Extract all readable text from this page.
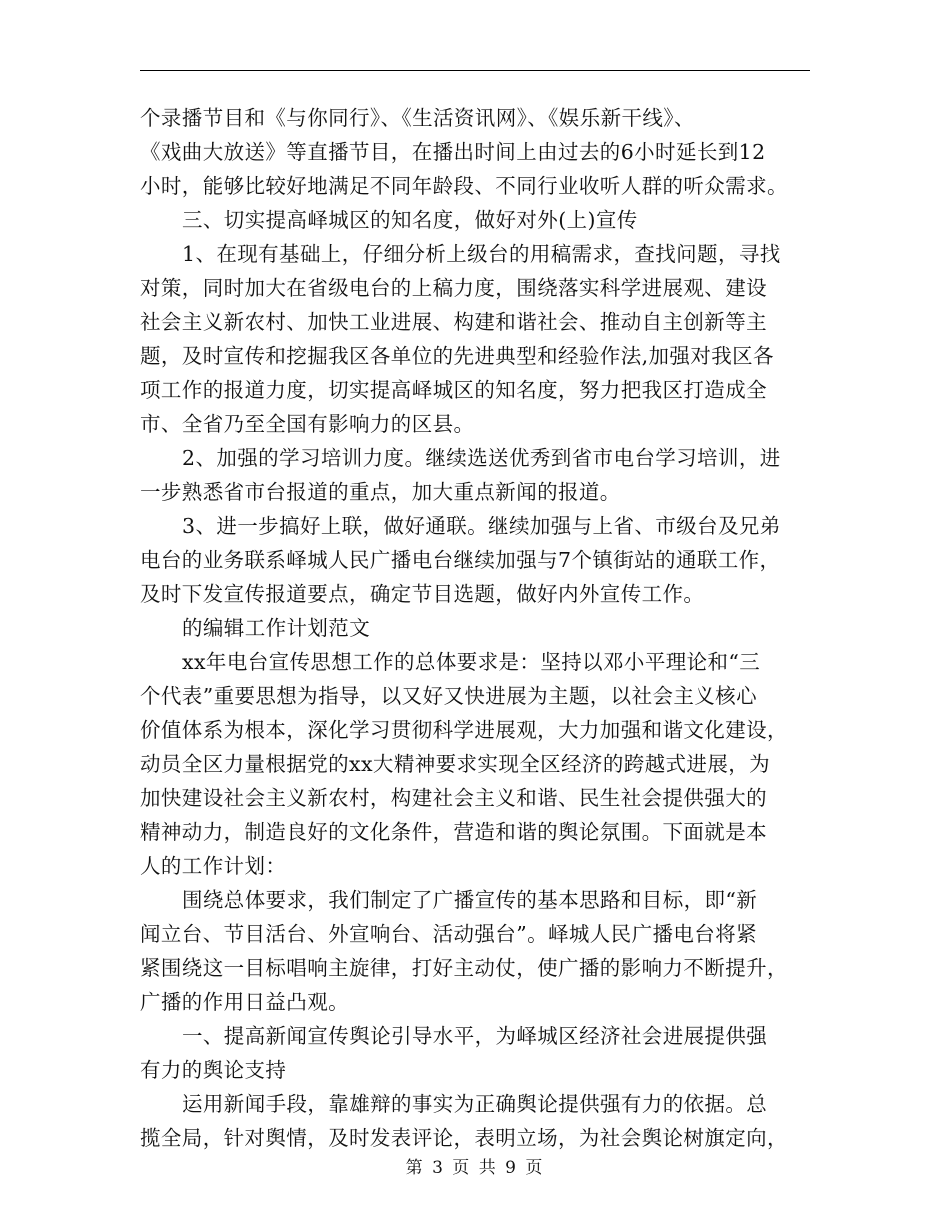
个录播节目和《与你同行》、《生活资讯网》、《娱乐新干线》、
《戏曲大放送》等直播节目，在播出时间上由过去的6小时延长到12
小时，能够比较好地满足不同年龄段、不同行业收听人群的听众需求。
三、切实提高峄城区的知名度，做好对外(上)宣传
1、在现有基础上，仔细分析上级台的用稿需求，查找问题，寻找
对策，同时加大在省级电台的上稿力度，围绕落实科学进展观、建设
社会主义新农村、加快工业进展、构建和谐社会、推动自主创新等主
题，及时宣传和挖掘我区各单位的先进典型和经验作法,加强对我区各
项工作的报道力度，切实提高峄城区的知名度，努力把我区打造成全
市、全省乃至全国有影响力的区县。
2、加强的学习培训力度。继续选送优秀到省市电台学习培训，进
一步熟悉省市台报道的重点，加大重点新闻的报道。
3、进一步搞好上联，做好通联。继续加强与上省、市级台及兄弟
电台的业务联系峄城人民广播电台继续加强与7个镇街站的通联工作，
及时下发宣传报道要点，确定节目选题，做好内外宣传工作。
的编辑工作计划范文
xx年电台宣传思想工作的总体要求是：坚持以邓小平理论和“三
个代表”重要思想为指导，以又好又快进展为主题，以社会主义核心
价值体系为根本，深化学习贯彻科学进展观，大力加强和谐文化建设，
动员全区力量根据党的xx大精神要求实现全区经济的跨越式进展，为
加快建设社会主义新农村，构建社会主义和谐、民生社会提供强大的
精神动力，制造良好的文化条件，营造和谐的舆论氛围。下面就是本
人的工作计划：
围绕总体要求，我们制定了广播宣传的基本思路和目标，即“新
闻立台、节目活台、外宣响台、活动强台”。峄城人民广播电台将紧
紧围绕这一目标唱响主旋律，打好主动仗，使广播的影响力不断提升，
广播的作用日益凸观。
一、提高新闻宣传舆论引导水平，为峄城区经济社会进展提供强
有力的舆论支持
运用新闻手段，靠雄辩的事实为正确舆论提供强有力的依据。总
揽全局，针对舆情，及时发表评论，表明立场，为社会舆论树旗定向，
第 3 页 共 9 页
